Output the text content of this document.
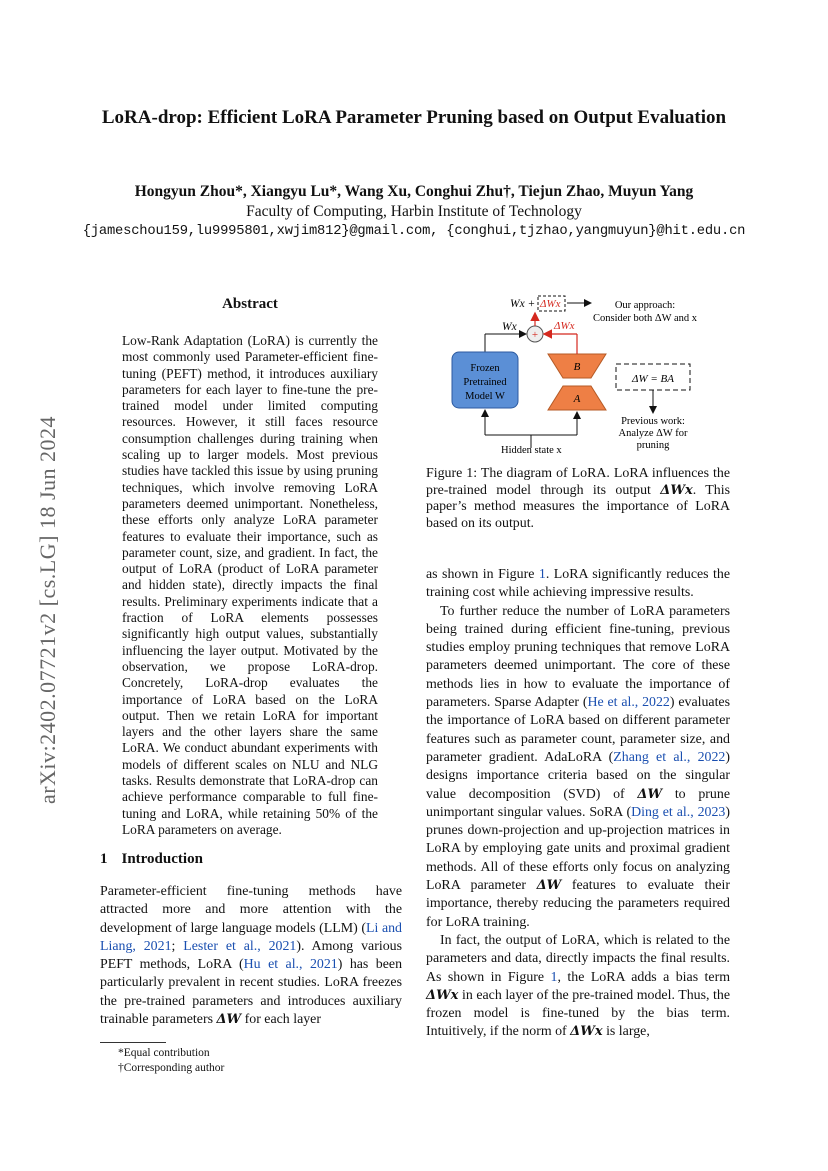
LoRA-drop: Efficient LoRA Parameter Pruning based on Output Evaluation
Hongyun Zhou*, Xiangyu Lu*, Wang Xu, Conghui Zhu†, Tiejun Zhao, Muyun Yang
Faculty of Computing, Harbin Institute of Technology
{jameschou159,lu9995801,xwjim812}@gmail.com, {conghui,tjzhao,yangmuyun}@hit.edu.cn
arXiv:2402.07721v2 [cs.LG] 18 Jun 2024
Abstract
Low-Rank Adaptation (LoRA) is currently the most commonly used Parameter-efficient fine-tuning (PEFT) method, it introduces auxiliary parameters for each layer to fine-tune the pre-trained model under limited computing resources. However, it still faces resource consumption challenges during training when scaling up to larger models. Most previous studies have tackled this issue by using pruning techniques, which involve removing LoRA parameters deemed unimportant. Nonetheless, these efforts only analyze LoRA parameter features to evaluate their importance, such as parameter count, size, and gradient. In fact, the output of LoRA (product of LoRA parameter and hidden state), directly impacts the final results. Preliminary experiments indicate that a fraction of LoRA elements possesses significantly high output values, substantially influencing the layer output. Motivated by the observation, we propose LoRA-drop. Concretely, LoRA-drop evaluates the importance of LoRA based on the LoRA output. Then we retain LoRA for important layers and the other layers share the same LoRA. We conduct abundant experiments with models of different scales on NLU and NLG tasks. Results demonstrate that LoRA-drop can achieve performance comparable to full fine-tuning and LoRA, while retaining 50% of the LoRA parameters on average.
1 Introduction

Parameter-efficient fine-tuning methods have attracted more and more attention with the development of large language models (LLM) (Li and Liang, 2021; Lester et al., 2021). Among various PEFT methods, LoRA (Hu et al., 2021) has been particularly prevalent in recent studies. LoRA freezes the pre-trained parameters and introduces auxiliary trainable parameters ΔW for each layer

*Equal contribution
†Corresponding author
Wx + ΔWx
+
Wx	ΔWx
Frozen
Pretrained
Model W
B
A
Hidden state x
Our approach:
Consider both ΔW and x
ΔW = BA
Previous work:
Analyze ΔW for
pruning
Figure 1: The diagram of LoRA. LoRA influences the pre-trained model through its output ΔWx. This paper’s method measures the importance of LoRA based on its output.

as shown in Figure 1. LoRA significantly reduces the training cost while achieving impressive results.

To further reduce the number of LoRA parameters being trained during efficient fine-tuning, previous studies employ pruning techniques that remove LoRA parameters deemed unimportant. The core of these methods lies in how to evaluate the importance of parameters. Sparse Adapter (He et al., 2022) evaluates the importance of LoRA based on different parameter features such as parameter count, parameter size, and parameter gradient. AdaLoRA (Zhang et al., 2022) designs importance criteria based on the singular value decomposition (SVD) of ΔW to prune unimportant singular values. SoRA (Ding et al., 2023) prunes down-projection and up-projection matrices in LoRA by employing gate units and proximal gradient methods. All of these efforts only focus on analyzing LoRA parameter ΔW features to evaluate their importance, thereby reducing the parameters required for LoRA training.

In fact, the output of LoRA, which is related to the parameters and data, directly impacts the final results. As shown in Figure 1, the LoRA adds a bias term ΔWx in each layer of the pre-trained model. Thus, the frozen model is fine-tuned by the bias term. Intuitively, if the norm of ΔWx is large,
